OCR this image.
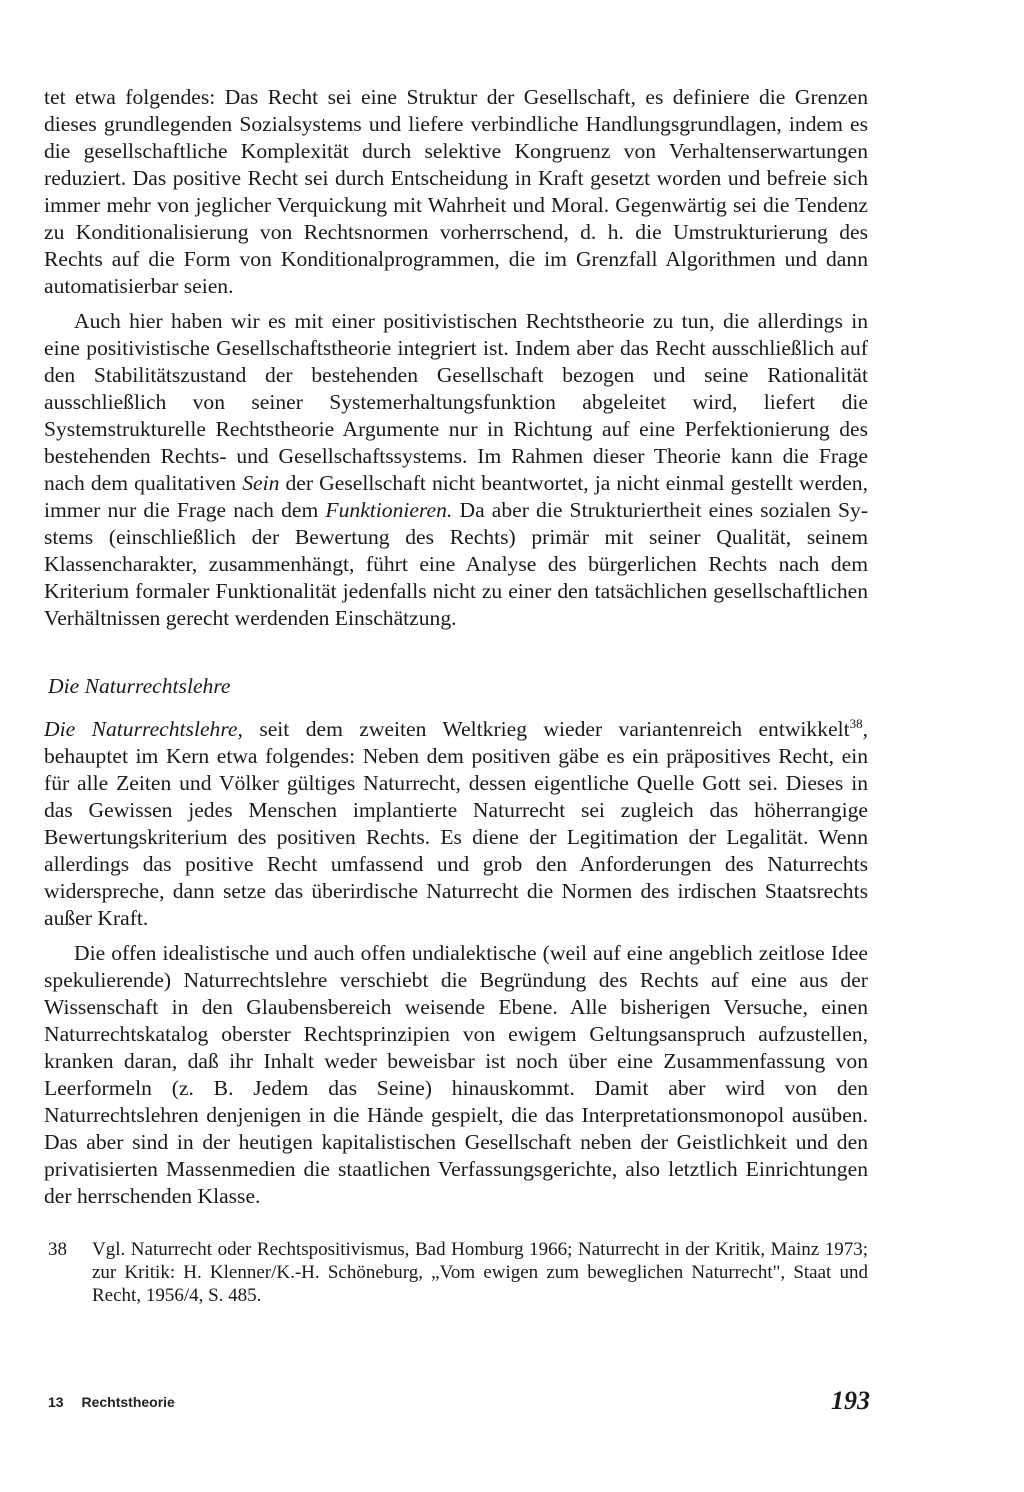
tet etwa folgendes: Das Recht sei eine Struktur der Gesellschaft, es definiere die Grenzen dieses grundlegenden Sozialsystems und liefere verbindliche Handlungsgrundlagen, indem es die gesellschaftliche Komplexität durch selektive Kongruenz von Verhaltenserwartungen reduziert. Das positive Recht sei durch Entscheidung in Kraft gesetzt worden und befreie sich immer mehr von jeglicher Verquickung mit Wahrheit und Moral. Gegenwärtig sei die Tendenz zu Konditionalisierung von Rechtsnormen vorherrschend, d. h. die Umstrukturierung des Rechts auf die Form von Konditionalprogrammen, die im Grenzfall Algorithmen und dann automatisierbar seien.

Auch hier haben wir es mit einer positivistischen Rechtstheorie zu tun, die allerdings in eine positivistische Gesellschaftstheorie integriert ist. Indem aber das Recht ausschließlich auf den Stabilitätszustand der bestehenden Gesellschaft bezogen und seine Rationalität ausschließlich von seiner Systemerhaltungsfunktion abgeleitet wird, liefert die Systemstrukturelle Rechtstheorie Argumente nur in Richtung auf eine Perfektionierung des bestehenden Rechts- und Gesellschaftssystems. Im Rahmen dieser Theorie kann die Frage nach dem qualitativen Sein der Gesellschaft nicht beantwortet, ja nicht einmal gestellt werden, immer nur die Frage nach dem Funktionieren. Da aber die Strukturiertheit eines sozialen Systems (einschließlich der Bewertung des Rechts) primär mit seiner Qualität, seinem Klassencharakter, zusammenhängt, führt eine Analyse des bürgerlichen Rechts nach dem Kriterium formaler Funktionalität jedenfalls nicht zu einer den tatsächlichen gesellschaftlichen Verhältnissen gerecht werdenden Einschätzung.

Die Naturrechtslehre

Die Naturrechtslehre, seit dem zweiten Weltkrieg wieder variantenreich entwikkelt$^{38}$, behauptet im Kern etwa folgendes: Neben dem positiven gäbe es ein präpositives Recht, ein für alle Zeiten und Völker gültiges Naturrecht, dessen eigentliche Quelle Gott sei. Dieses in das Gewissen jedes Menschen implantierte Naturrecht sei zugleich das höherrangige Bewertungskriterium des positiven Rechts. Es diene der Legitimation der Legalität. Wenn allerdings das positive Recht umfassend und grob den Anforderungen des Naturrechts widerspreche, dann setze das überirdische Naturrecht die Normen des irdischen Staatsrechts außer Kraft.

Die offen idealistische und auch offen undialektische (weil auf eine angeblich zeitlose Idee spekulierende) Naturrechtslehre verschiebt die Begründung des Rechts auf eine aus der Wissenschaft in den Glaubensbereich weisende Ebene. Alle bisherigen Versuche, einen Naturrechtskatalog oberster Rechtsprinzipien von ewigem Geltungsanspruch aufzustellen, kranken daran, daß ihr Inhalt weder beweisbar ist noch über eine Zusammenfassung von Leerformeln (z. B. Jedem das Seine) hinauskommt. Damit aber wird von den Naturrechtslehren denjenigen in die Hände gespielt, die das Interpretationsmonopol ausüben. Das aber sind in der heutigen kapitalistischen Gesellschaft neben der Geistlichkeit und den privatisierten Massenmedien die staatlichen Verfassungsgerichte, also letztlich Einrichtungen der herrschenden Klasse.

38	Vgl. Naturrecht oder Rechtspositivismus, Bad Homburg 1966; Naturrecht in der Kritik, Mainz 1973; zur Kritik: H. Klenner/K.-H. Schöneburg, „Vom ewigen zum beweglichen Naturrecht", Staat und Recht, 1956/4, S. 485.
13 Rechtstheorie	193
